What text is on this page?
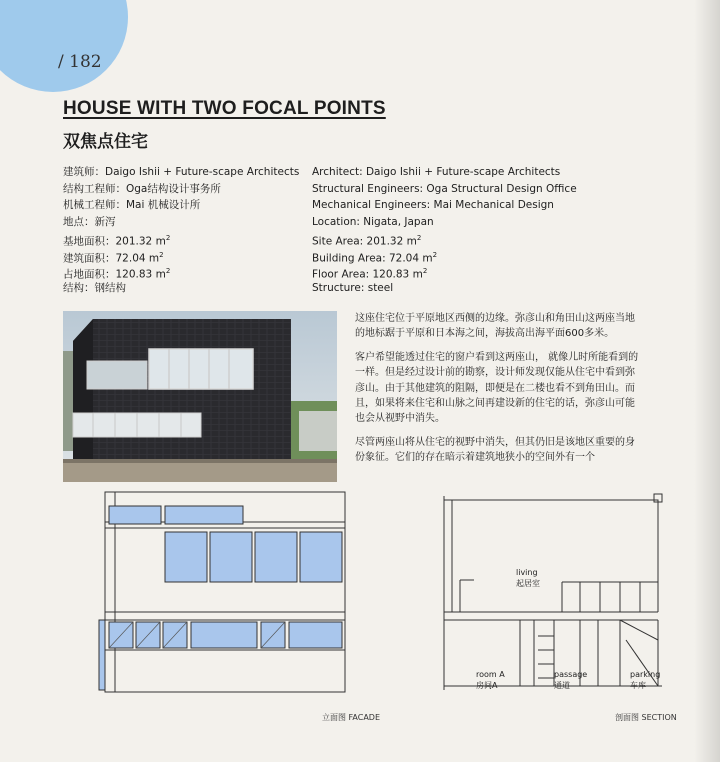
/ 182
HOUSE WITH TWO FOCAL POINTS
双焦点住宅
建筑师：Daigo Ishii + Future-scape Architects
结构工程师：Oga结构设计事务所
机械工程师：Mai 机械设计所
地点：新泻
基地面积：201.32 $m^2$
建筑面积：72.04 $m^2$
占地面积：120.83 $m^2$
结构：钢结构
Architect: Daigo Ishii + Future-scape Architects
Structural Engineers: Oga Structural Design Office
Mechanical Engineers: Mai Mechanical Design
Location: Nigata, Japan
Site Area: 201.32 $m^2$
Building Area: 72.04 $m^2$
Floor Area: 120.83 $m^2$
Structure: steel

这座住宅位于平原地区西侧的边缘。弥彦山和角田山这两座当地的地标踞于平原和日本海之间，海拔高出海平面600多米。

客户希望能透过住宅的窗户看到这两座山， 就像儿时所能看到的一样。但是经过设计前的勘察，设计师发现仅能从住宅中看到弥彦山。由于其他建筑的阻隔，即便是在二楼也看不到角田山。而且，如果将来住宅和山脉之间再建设新的住宅的话，弥彦山可能也会从视野中消失。

尽管两座山将从住宅的视野中消失，但其仍旧是该地区重要的身份象征。它们的存在暗示着建筑地狭小的空间外有一个

立面图 FACADE
living
起居室
room A
房间A
passage
通道
parking
车库
剖面图 SECTION
